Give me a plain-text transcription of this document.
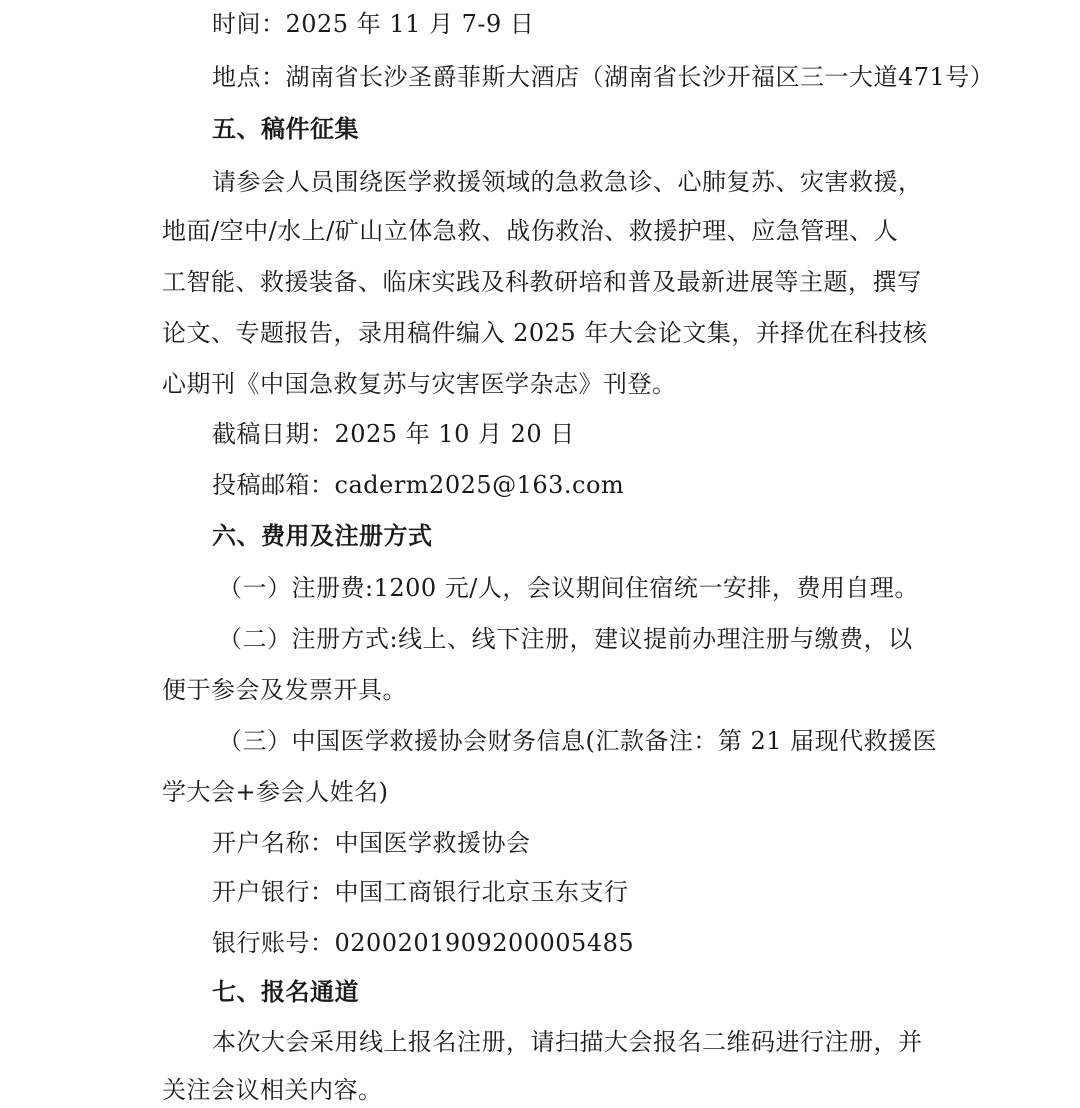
时间：2025 年 11 月 7-9 日
地点：湖南省长沙圣爵菲斯大酒店（湖南省长沙开福区三一大道471号）
五、稿件征集
请参会人员围绕医学救援领域的急救急诊、心肺复苏、灾害救援，
地面/空中/水上/矿山立体急救、战伤救治、救援护理、应急管理、人
工智能、救援装备、临床实践及科教研培和普及最新进展等主题，撰写
论文、专题报告，录用稿件编入 2025 年大会论文集，并择优在科技核
心期刊《中国急救复苏与灾害医学杂志》刊登。
截稿日期：2025 年 10 月 20 日
投稿邮箱：caderm2025@163.com
六、费用及注册方式
（一）注册费:1200 元/人，会议期间住宿统一安排，费用自理。
（二）注册方式:线上、线下注册，建议提前办理注册与缴费，以
便于参会及发票开具。
（三）中国医学救援协会财务信息(汇款备注：第 21 届现代救援医
学大会+参会人姓名)
开户名称：中国医学救援协会
开户银行：中国工商银行北京玉东支行
银行账号：0200201909200005485
七、报名通道
本次大会采用线上报名注册，请扫描大会报名二维码进行注册，并
关注会议相关内容。
